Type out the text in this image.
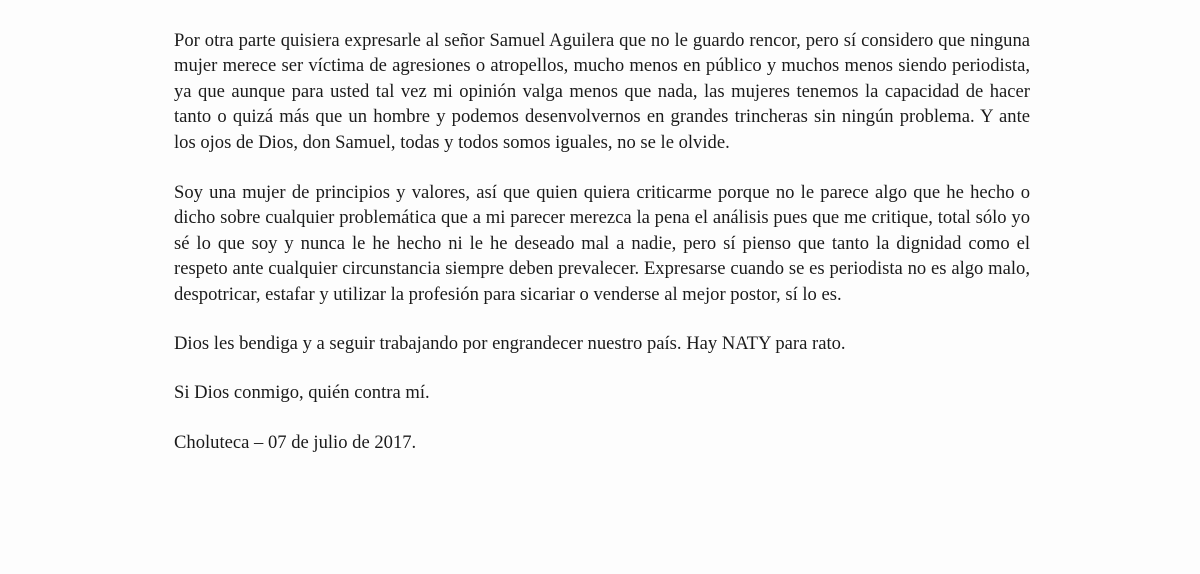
Por otra parte quisiera expresarle al señor Samuel Aguilera que no le guardo rencor, pero sí considero que ninguna mujer merece ser víctima de agresiones o atropellos, mucho menos en público y muchos menos siendo periodista, ya que aunque para usted tal vez mi opinión valga menos que nada, las mujeres tenemos la capacidad de hacer tanto o quizá más que un hombre y podemos desenvolvernos en grandes trincheras sin ningún problema. Y ante los ojos de Dios, don Samuel, todas y todos somos iguales, no se le olvide.

Soy una mujer de principios y valores, así que quien quiera criticarme porque no le parece algo que he hecho o dicho sobre cualquier problemática que a mi parecer merezca la pena el análisis pues que me critique, total sólo yo sé lo que soy y nunca le he hecho ni le he deseado mal a nadie, pero sí pienso que tanto la dignidad como el respeto ante cualquier circunstancia siempre deben prevalecer. Expresarse cuando se es periodista no es algo malo, despotricar, estafar y utilizar la profesión para sicariar o venderse al mejor postor, sí lo es.

Dios les bendiga y a seguir trabajando por engrandecer nuestro país. Hay NATY para rato.

Si Dios conmigo, quién contra mí.

Choluteca – 07 de julio de 2017.
